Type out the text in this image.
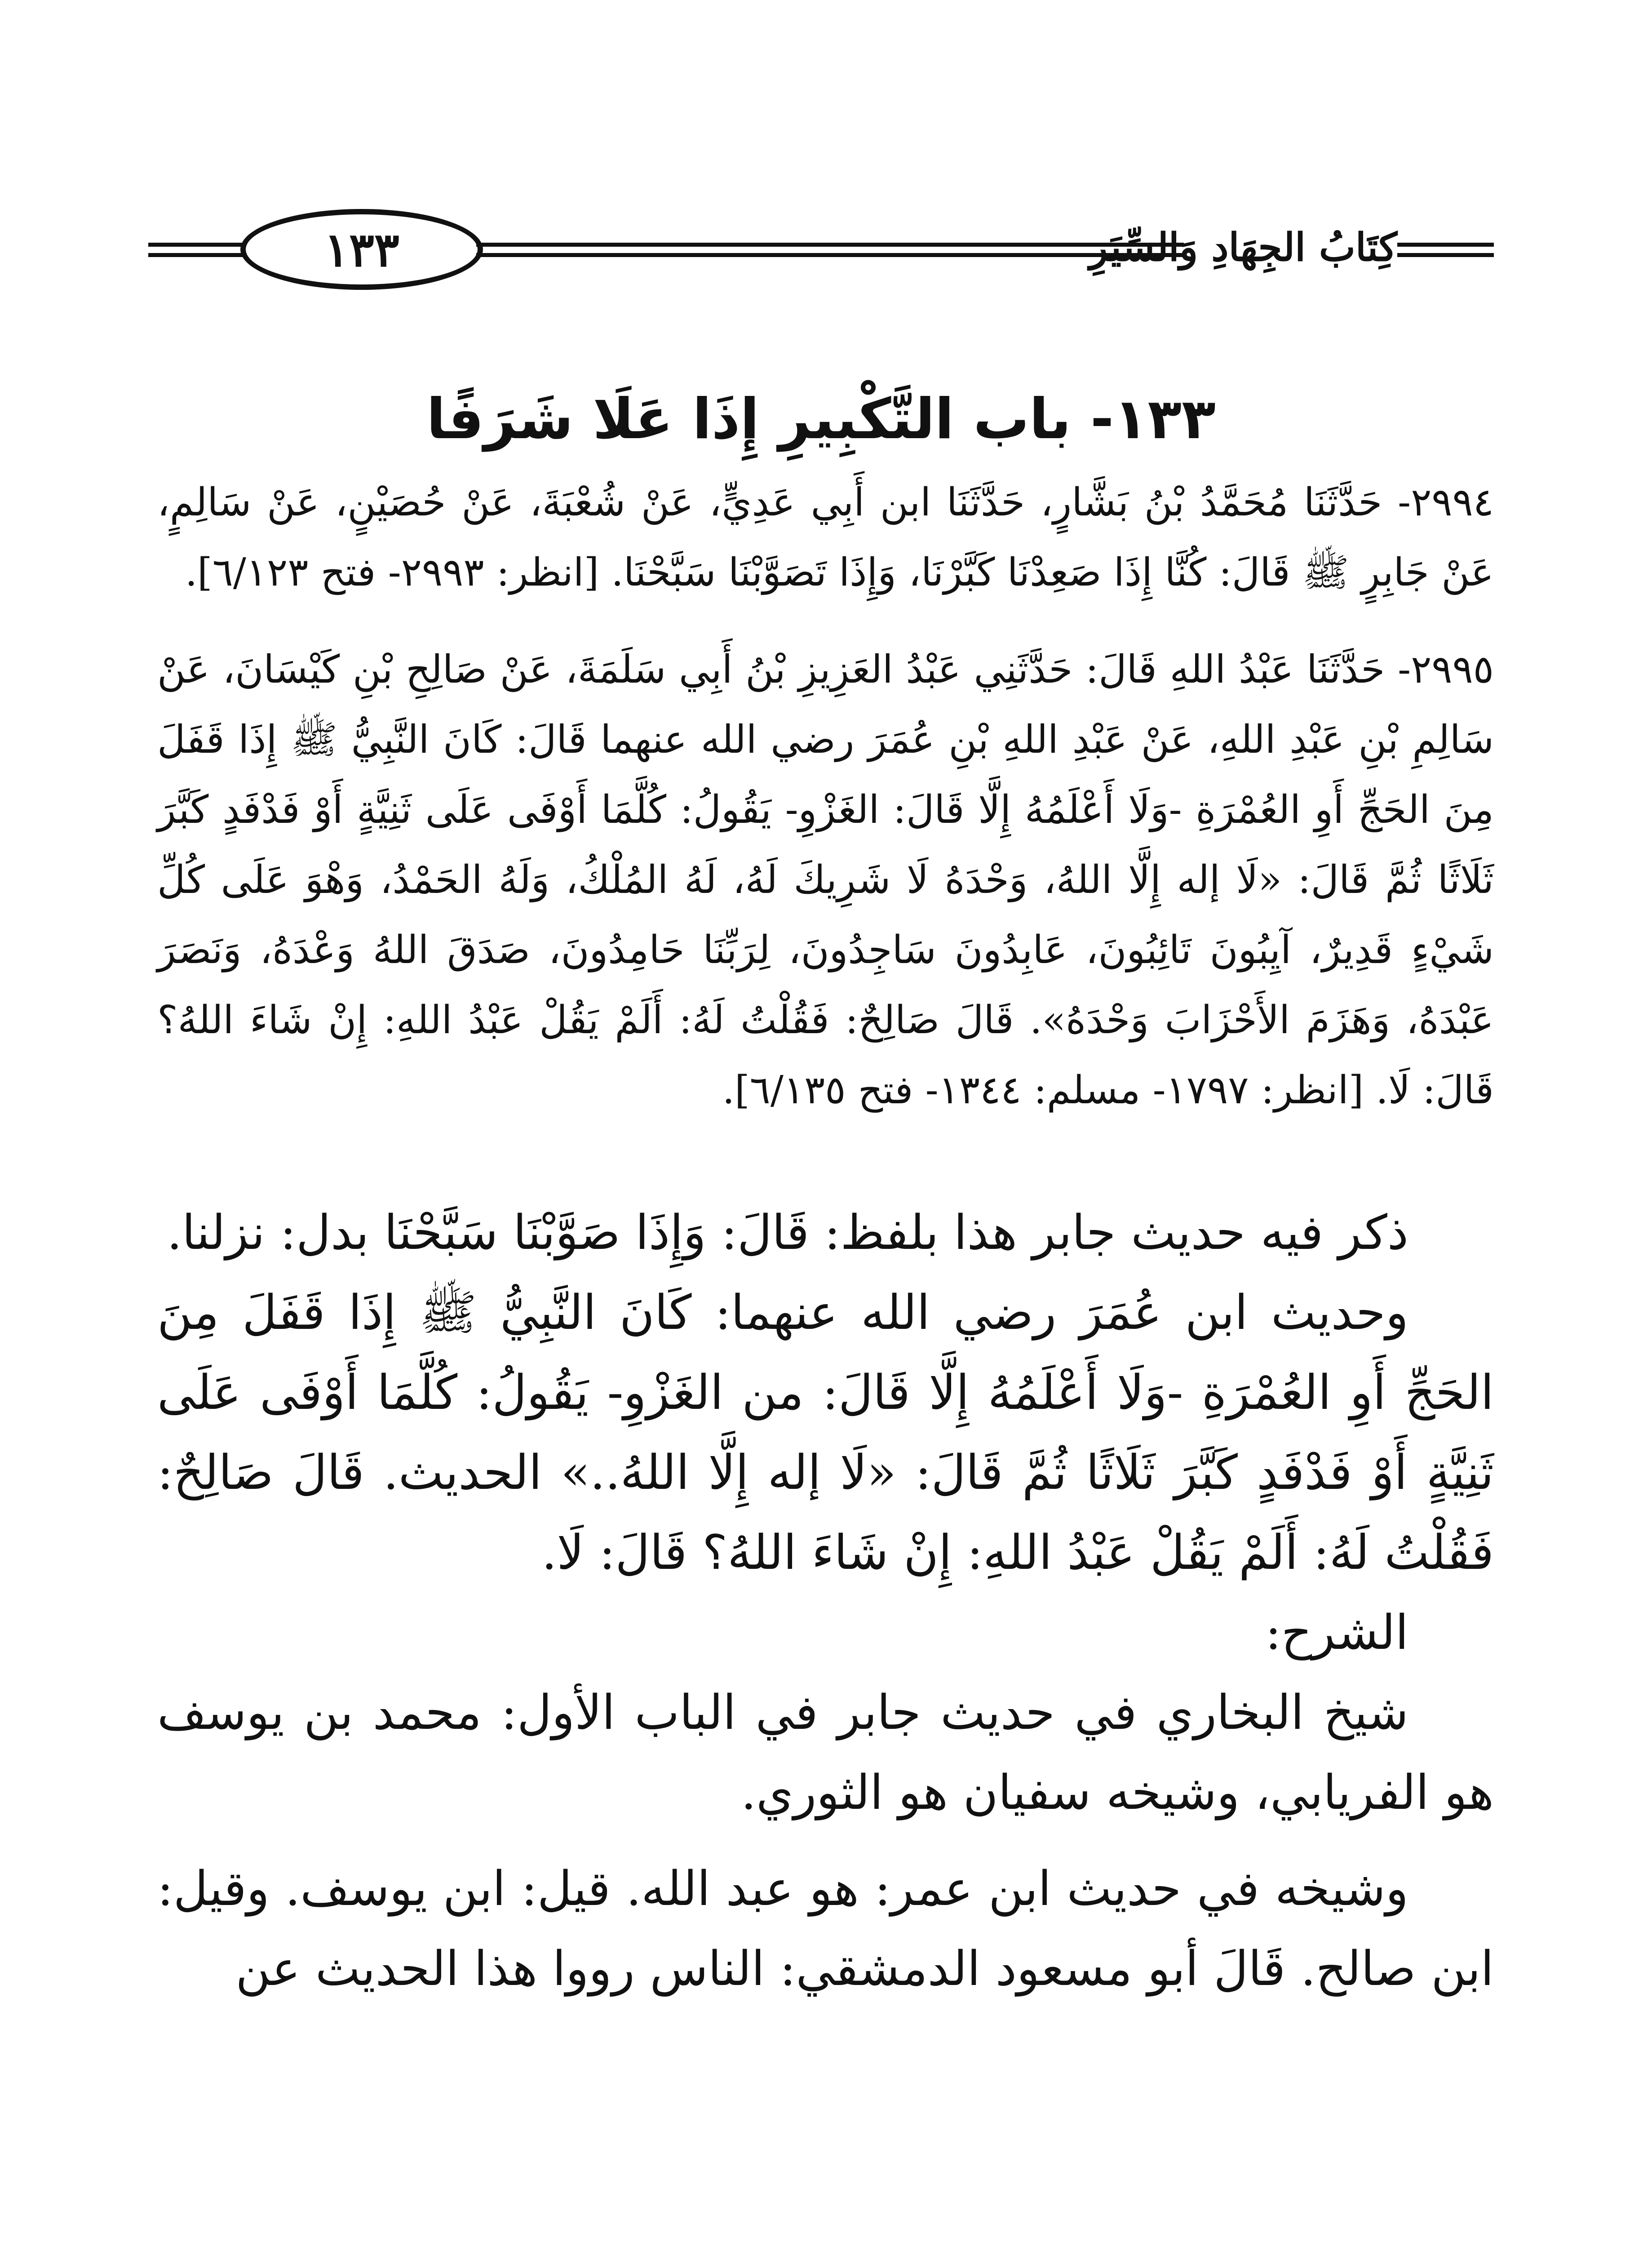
١٣٣	كِتَابُ الجِهَادِ وَالسِّيَرِ
١٣٣- باب التَّكْبِيرِ إِذَا عَلَا شَرَفًا

٢٩٩٤- حَدَّثَنَا مُحَمَّدُ بْنُ بَشَّارٍ، حَدَّثَنَا ابن أَبِي عَدِيٍّ، عَنْ شُعْبَةَ، عَنْ حُصَيْنٍ، عَنْ سَالِمٍ، عَنْ جَابِرٍ ﷺ قَالَ: كُنَّا إِذَا صَعِدْنَا كَبَّرْنَا، وَإِذَا تَصَوَّبْنَا سَبَّحْنَا. [انظر: ٢٩٩٣- فتح ٦/١٢٣].

٢٩٩٥- حَدَّثَنَا عَبْدُ اللهِ قَالَ: حَدَّثَنِي عَبْدُ العَزِيزِ بْنُ أَبِي سَلَمَةَ، عَنْ صَالِحِ بْنِ كَيْسَانَ، عَنْ سَالِمِ بْنِ عَبْدِ اللهِ، عَنْ عَبْدِ اللهِ بْنِ عُمَرَ رضي الله عنهما قَالَ: كَانَ النَّبِيُّ ﷺ إِذَا قَفَلَ مِنَ الحَجِّ أَوِ العُمْرَةِ -وَلَا أَعْلَمُهُ إِلَّا قَالَ: الغَزْوِ- يَقُولُ: كُلَّمَا أَوْفَى عَلَى ثَنِيَّةٍ أَوْ فَدْفَدٍ كَبَّرَ ثَلَاثًا ثُمَّ قَالَ: «لَا إله إِلَّا اللهُ، وَحْدَهُ لَا شَرِيكَ لَهُ، لَهُ المُلْكُ، وَلَهُ الحَمْدُ، وَهْوَ عَلَى كُلِّ شَيْءٍ قَدِيرٌ، آيِبُونَ تَائِبُونَ، عَابِدُونَ سَاجِدُونَ، لِرَبِّنَا حَامِدُونَ، صَدَقَ اللهُ وَعْدَهُ، وَنَصَرَ عَبْدَهُ، وَهَزَمَ الأَحْزَابَ وَحْدَهُ». قَالَ صَالِحٌ: فَقُلْتُ لَهُ: أَلَمْ يَقُلْ عَبْدُ اللهِ: إِنْ شَاءَ اللهُ؟ قَالَ: لَا. [انظر: ١٧٩٧- مسلم: ١٣٤٤- فتح ٦/١٣٥].

ذكر فيه حديث جابر هذا بلفظ: قَالَ: وَإِذَا صَوَّبْنَا سَبَّحْنَا بدل: نزلنا.

وحديث ابن عُمَرَ رضي الله عنهما: كَانَ النَّبِيُّ ﷺ إِذَا قَفَلَ مِنَ الحَجِّ أَوِ العُمْرَةِ -وَلَا أَعْلَمُهُ إِلَّا قَالَ: من الغَزْوِ- يَقُولُ: كُلَّمَا أَوْفَى عَلَى ثَنِيَّةٍ أَوْ فَدْفَدٍ كَبَّرَ ثَلَاثًا ثُمَّ قَالَ: «لَا إله إِلَّا اللهُ..» الحديث. قَالَ صَالِحٌ: فَقُلْتُ لَهُ: أَلَمْ يَقُلْ عَبْدُ اللهِ: إِنْ شَاءَ اللهُ؟ قَالَ: لَا.

الشرح:

شيخ البخاري في حديث جابر في الباب الأول: محمد بن يوسف هو الفريابي، وشيخه سفيان هو الثوري.

وشيخه في حديث ابن عمر: هو عبد الله. قيل: ابن يوسف. وقيل: ابن صالح. قَالَ أبو مسعود الدمشقي: الناس رووا هذا الحديث عن
